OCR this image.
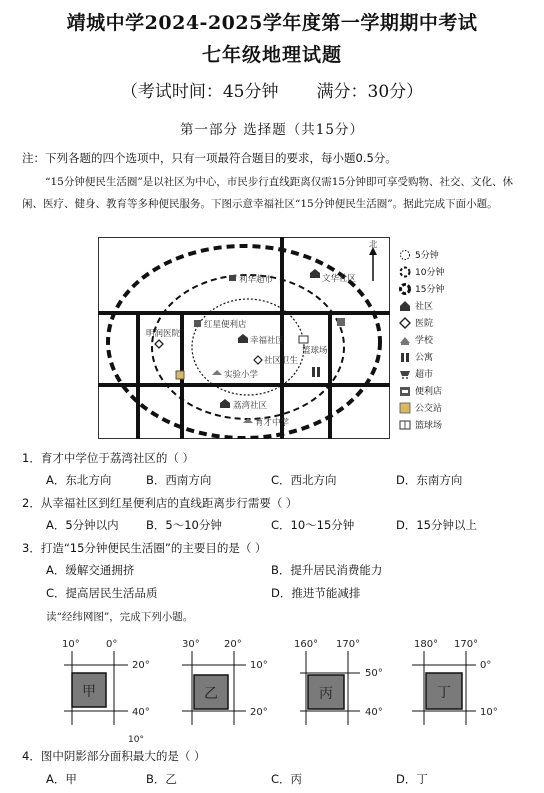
靖城中学2024-2025学年度第一学期期中考试
七年级地理试题
（考试时间：45分钟 满分：30分）
第一部分 选择题（共15分）
注：下列各题的四个选项中，只有一项最符合题目的要求，每小题0.5分。
“15分钟便民生活圈”是以社区为中心，市民步行直线距离仅需15分钟即可享受购物、社交、文化、休闲、医疗、健身、教育等多种便民服务。下图示意幸福社区“15分钟便民生活圈”。据此完成下面小题。
北
利华超市	文华社区
明润医院
红星便利店
幸福社区
篮球场
社区卫生
实验小学
荔湾社区
育才中学
5分钟
10分钟
15分钟
社区
医院
学校
公寓
超市
便利店
公交站
篮球场
1．育才中学位于荔湾社区的（ ）
A．东北方向	B．西南方向	C．西北方向	D．东南方向
2．从幸福社区到红星便利店的直线距离步行需要（ ）
A．5分钟以内 B．5～10分钟	C．10～15分钟	D．15分钟以上
3．打造“15分钟便民生活圈”的主要目的是（ ）
A．缓解交通拥挤	B．提升居民消费能力
C．提高居民生活品质	D．推进节能减排
读“经纬网图”，完成下列小题。
甲
10°	0°
20°
40°
乙
30° 20°
10°
20°
丙
160° 170°
50°
40°
丁
180° 170°
0°
10°
10°
4．图中阴影部分面积最大的是（ ）
A．甲	B．乙	C．丙	D．丁
